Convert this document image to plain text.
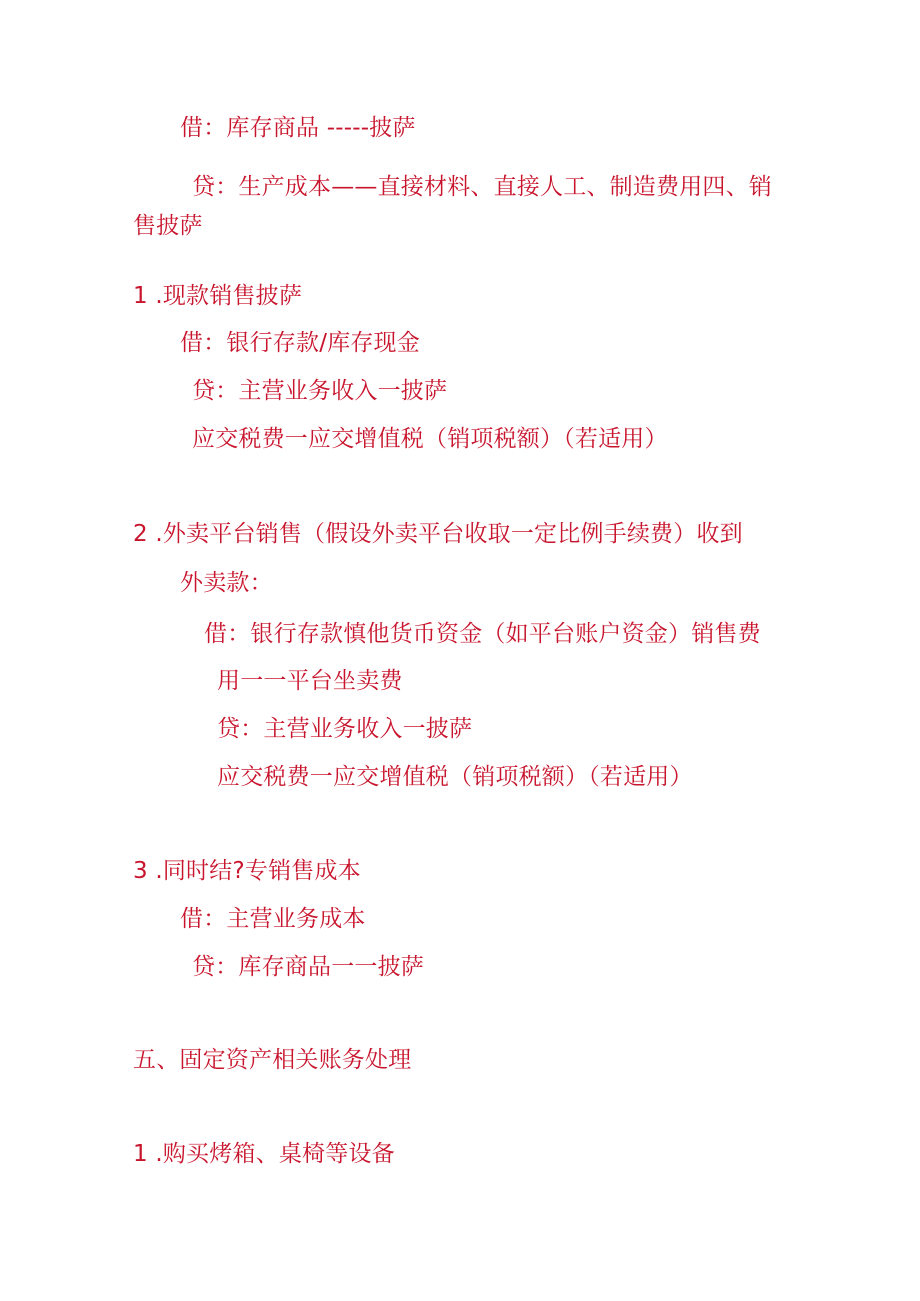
借：库存商品 -----披萨
贷：生产成本——直接材料、直接人工、制造费用四、销
售披萨
1 .现款销售披萨
借：银行存款/库存现金
贷：主营业务收入一披萨
应交税费一应交增值税（销项税额）（若适用）
2 .外卖平台销售（假设外卖平台收取一定比例手续费）收到
外卖款：
借：银行存款慎他货币资金（如平台账户资金）销售费
用一一平台坐卖费
贷：主营业务收入一披萨
应交税费一应交增值税（销项税额）（若适用）
3 .同时结?专销售成本
借：主营业务成本
贷：库存商品一一披萨
五、固定资产相关账务处理
1 .购买烤箱、桌椅等设备
